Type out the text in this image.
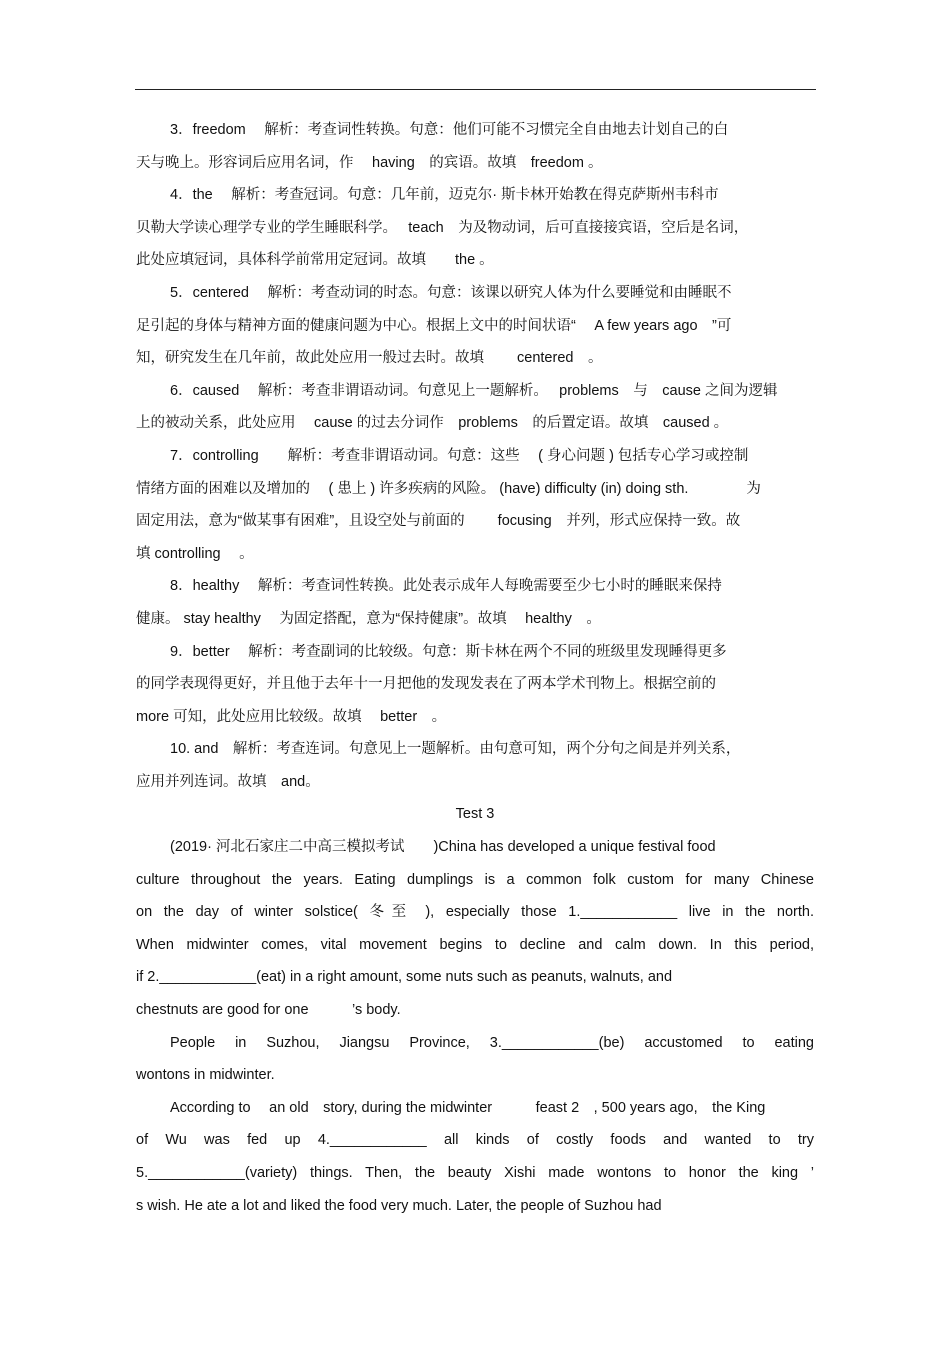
3．freedom　 解析：考查词性转换。句意：他们可能不习惯完全自由地去计划自己的白

天与晚上。形容词后应用名词，作　 having　的宾语。故填　freedom 。

4．the　 解析：考查冠词。句意：几年前，迈克尔· 斯卡林开始教在得克萨斯州韦科市

贝勒大学读心理学专业的学生睡眠科学。　 teach　为及物动词，后可直接接宾语，空后是名词，

此处应填冠词，具体科学前常用定冠词。故填　　the 。

5．centered　 解析：考查动词的时态。句意：该课以研究人体为什么要睡觉和由睡眠不

足引起的身体与精神方面的健康问题为中心。根据上文中的时间状语“　 A few years ago　”可

知，研究发生在几年前，故此处应用一般过去时。故填　　 centered　。

6．caused　 解析：考查非谓语动词。句意见上一题解析。　 problems　与　cause 之间为逻辑

上的被动关系，此处应用　 cause 的过去分词作　problems　的后置定语。故填　caused 。

7．controlling　　解析：考查非谓语动词。句意：这些　 ( 身心问题 ) 包括专心学习或控制

情绪方面的困难以及增加的　 ( 患上 ) 许多疾病的风险。 (have) difficulty (in) doing sth.　　　　为

固定用法，意为“做某事有困难”，且设空处与前面的　　 focusing　并列，形式应保持一致。故

填 controlling　 。

8．healthy　 解析：考查词性转换。此处表示成年人每晚需要至少七小时的睡眠来保持

健康。 stay healthy　 为固定搭配，意为“保持健康”。故填　 healthy　。

9．better　 解析：考查副词的比较级。句意：斯卡林在两个不同的班级里发现睡得更多

的同学表现得更好，并且他于去年十一月把他的发现发表在了两本学术刊物上。根据空前的

more 可知，此处应用比较级。故填　 better　。

10. and　解析：考查连词。句意见上一题解析。由句意可知，两个分句之间是并列关系，

应用并列连词。故填　and。

Test 3

(2019· 河北石家庄二中高三模拟考试　　)China has developed a unique festival food

culture throughout the years. Eating dumplings is a common folk custom for many Chinese

on the day of winter solstice( 冬至 ), especially those 1.____________ live in the north.

When midwinter comes, vital movement begins to decline and calm down. In this period,

if 2.____________(eat) in a right amount, some nuts such as peanuts, walnuts, and

chestnuts are good for one　　　’s body.

People in Suzhou, Jiangsu Province, 3.____________(be) accustomed to eating

wontons in midwinter.

According to　 an old　story, during the midwinter　　　feast 2　, 500 years ago,　the King

of Wu was fed up 4.____________ all kinds of costly foods and wanted to try

5.____________(variety) things. Then, the beauty Xishi made wontons to honor the king ’

s wish. He ate a lot and liked the food very much. Later, the people of Suzhou had
